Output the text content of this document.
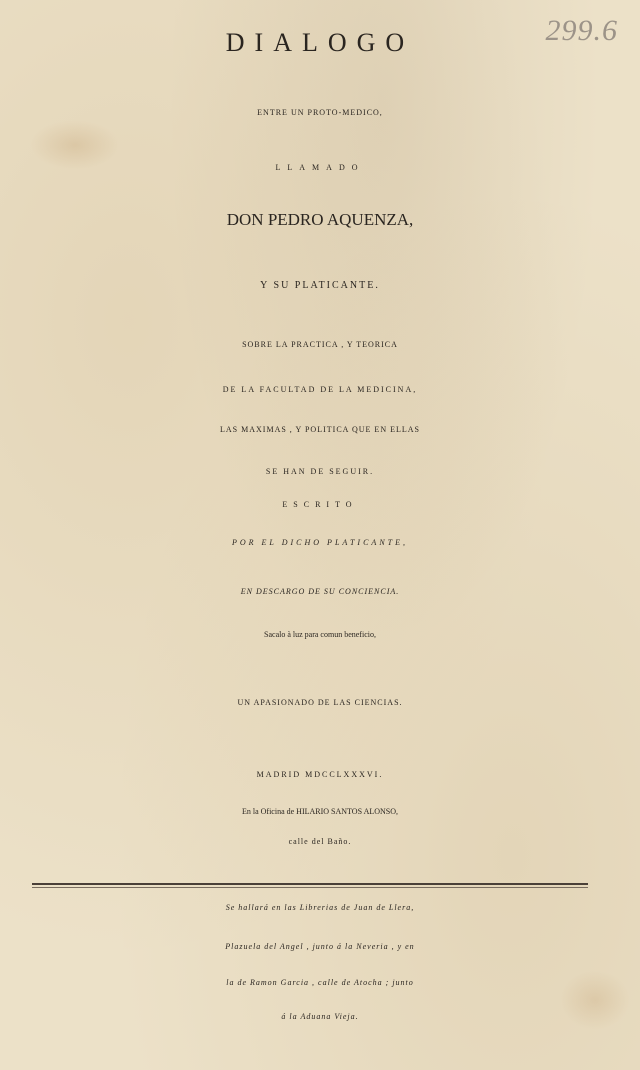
299.6
DIALOGO
ENTRE UN PROTO-MEDICO,
LLAMADO
DON PEDRO AQUENZA,
Y SU PLATICANTE.
SOBRE LA PRACTICA , Y TEORICA
DE LA FACULTAD DE LA MEDICINA,
LAS MAXIMAS , Y POLITICA QUE EN ELLAS
SE HAN DE SEGUIR.
ESCRITO
POR EL DICHO PLATICANTE,
EN DESCARGO DE SU CONCIENCIA.
Sacalo à luz para comun beneficio,
UN APASIONADO DE LAS CIENCIAS.
MADRID MDCCLXXXVI.
En la Oficina de HILARIO SANTOS ALONSO,
calle del Baño.
Se hallará en las Librerias de Juan de Llera,
Plazuela del Angel , junto á la Neveria , y en
la de Ramon Garcia , calle de Atocha ; junto
á la Aduana Vieja.
